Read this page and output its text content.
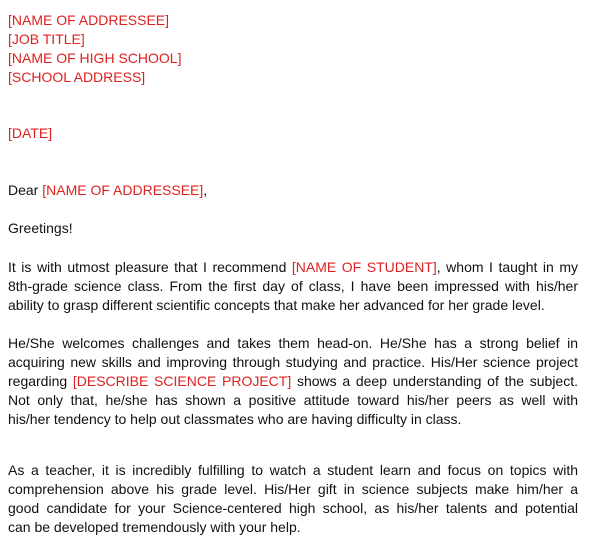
[NAME OF ADDRESSEE]
[JOB TITLE]
[NAME OF HIGH SCHOOL]
[SCHOOL ADDRESS]
[DATE]
Dear [NAME OF ADDRESSEE],
Greetings!
It is with utmost pleasure that I recommend [NAME OF STUDENT], whom I taught in my
8th-grade science class. From the first day of class, I have been impressed with his/her
ability to grasp different scientific concepts that make her advanced for her grade level.
He/She welcomes challenges and takes them head-on. He/She has a strong belief in
acquiring new skills and improving through studying and practice. His/Her science project
regarding [DESCRIBE SCIENCE PROJECT] shows a deep understanding of the subject.
Not only that, he/she has shown a positive attitude toward his/her peers as well with
his/her tendency to help out classmates who are having difficulty in class.
As a teacher, it is incredibly fulfilling to watch a student learn and focus on topics with
comprehension above his grade level. His/Her gift in science subjects make him/her a
good candidate for your Science-centered high school, as his/her talents and potential
can be developed tremendously with your help.
